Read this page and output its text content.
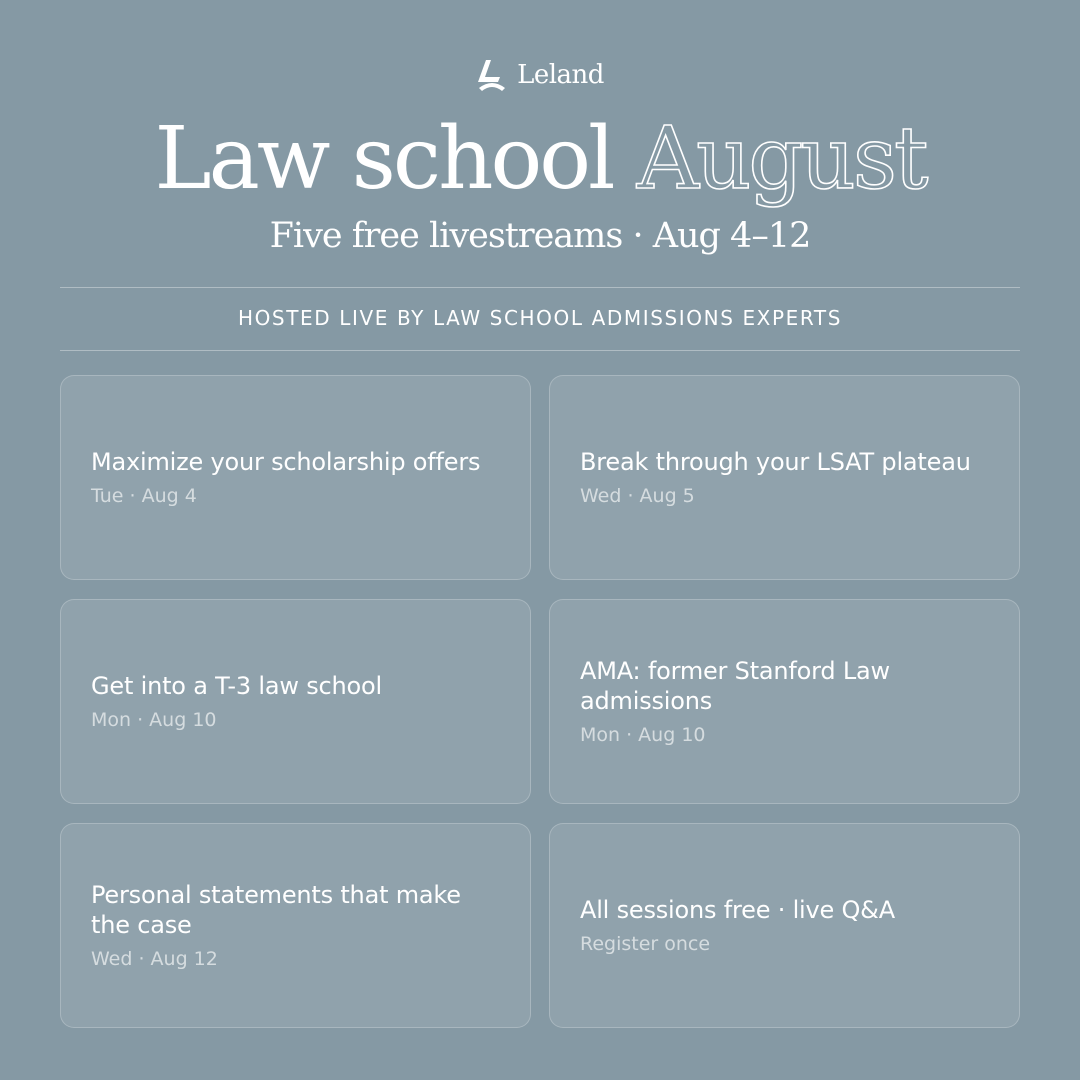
Leland
Law school August
Five free livestreams · Aug 4–12
HOSTED LIVE BY LAW SCHOOL ADMISSIONS EXPERTS
Maximize your scholarship offers
Tue · Aug 4
Break through your LSAT plateau
Wed · Aug 5
Get into a T-3 law school
Mon · Aug 10
AMA: former Stanford Law admissions
Mon · Aug 10
Personal statements that make the case
Wed · Aug 12
All sessions free · live Q&A
Register once
